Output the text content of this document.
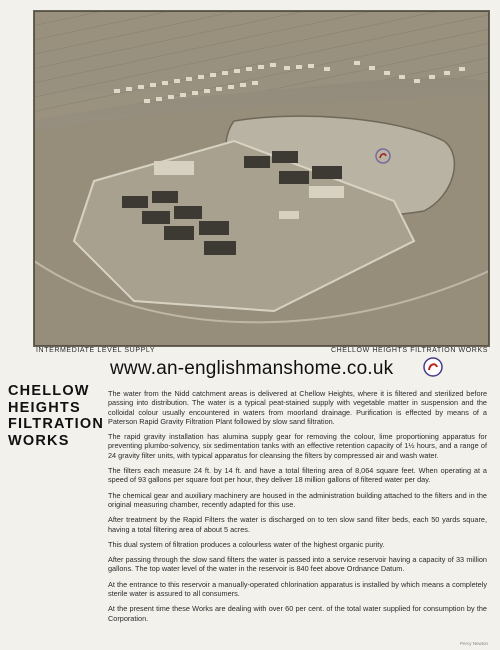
INTERMEDIATE LEVEL SUPPLY	CHELLOW HEIGHTS FILTRATION WORKS
www.an-englishmanshome.co.uk
CHELLOW
HEIGHTS
FILTRATION
WORKS

The water from the Nidd catchment areas is delivered at Chellow Heights, where it is filtered and sterilized before passing into distribution. The water is a typical peat-stained supply with vegetable matter in suspension and the colloidal colour usually encountered in waters from moorland drainage. Purification is effected by means of a Paterson Rapid Gravity Filtration Plant followed by slow sand filtration.

The rapid gravity installation has alumina supply gear for removing the colour, lime proportioning apparatus for preventing plumbo-solvency, six sedimentation tanks with an effective retention capacity of 1½ hours, and a range of 24 gravity filter units, with typical apparatus for cleansing the filters by compressed air and wash water.

The filters each measure 24 ft. by 14 ft. and have a total filtering area of 8,064 square feet. When operating at a speed of 93 gallons per square foot per hour, they deliver 18 million gallons of filtered water per day.

The chemical gear and auxiliary machinery are housed in the administration building attached to the filters and in the original measuring chamber, recently adapted for this use.

After treatment by the Rapid Filters the water is discharged on to ten slow sand filter beds, each 50 yards square, having a total filtering area of about 5 acres.

This dual system of filtration produces a colourless water of the highest organic purity.

After passing through the slow sand filters the water is passed into a service reservoir having a capacity of 33 million gallons. The top water level of the water in the reservoir is 840 feet above Ordnance Datum.

At the entrance to this reservoir a manually-operated chlorination apparatus is installed by which means a completely sterile water is assured to all consumers.

At the present time these Works are dealing with over 60 per cent. of the total water supplied for consumption by the Corporation.

Percy Newton
